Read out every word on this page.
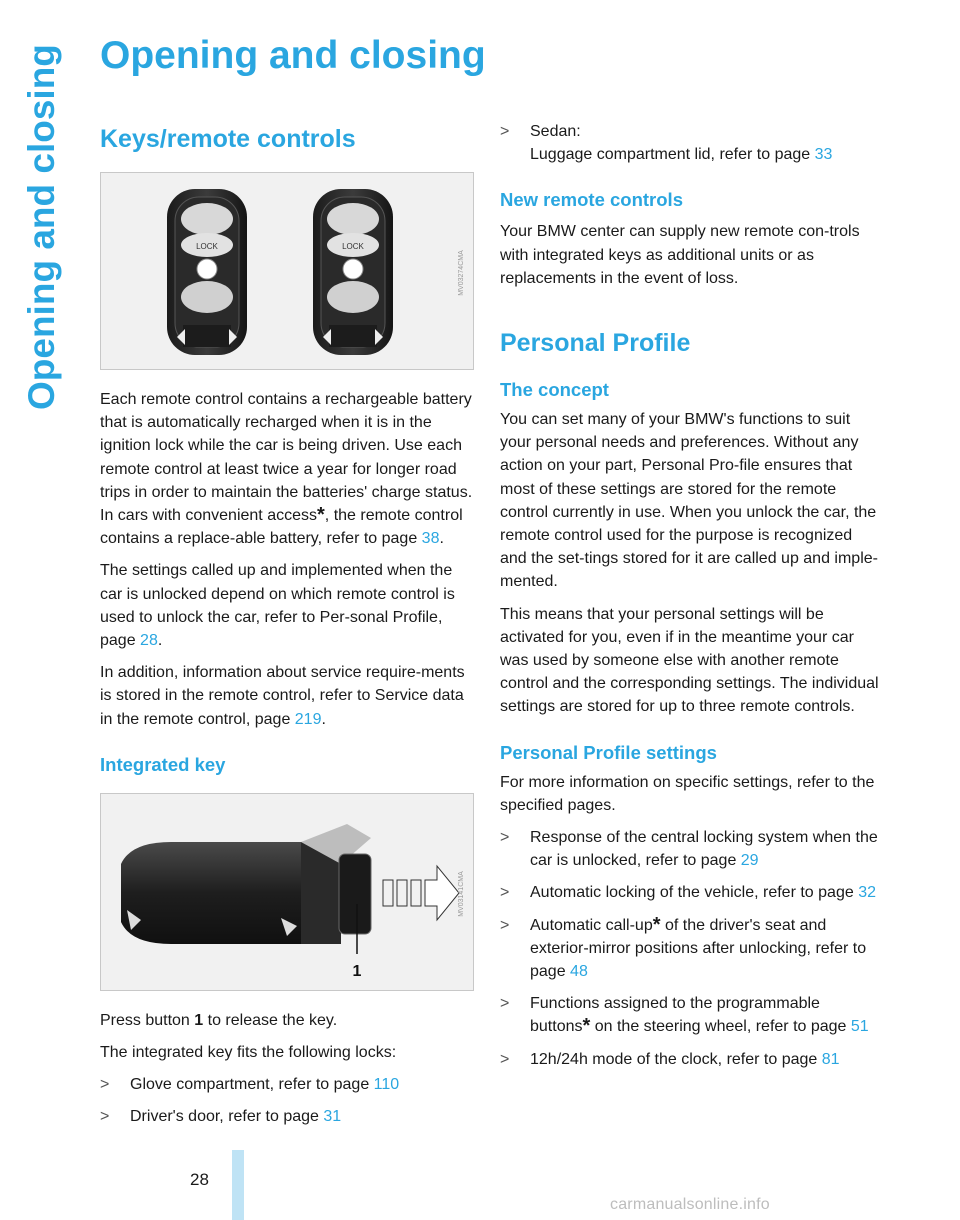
Opening and closing Opening and closing
Keys/remote controls
LOCK	LOCK
MV03274CMA

Each remote control contains a rechargeable battery that is automatically recharged when it is in the ignition lock while the car is being driven. Use each remote control at least twice a year for longer road trips in order to maintain the batteries' charge status. In cars with convenient access*, the remote control contains a replace-able battery, refer to page 38.

The settings called up and implemented when the car is unlocked depend on which remote control is used to unlock the car, refer to Per-sonal Profile, page 28.

In addition, information about service require-ments is stored in the remote control, refer to Service data in the remote control, page 219.

Integrated key
1
MV03141CMA

Press button 1 to release the key.

The integrated key fits the following locks:

> Glove compartment, refer to page 110
> Driver's door, refer to page 31
> Sedan:
Luggage compartment lid, refer to page 33
New remote controls

Your BMW center can supply new remote con-trols with integrated keys as additional units or as replacements in the event of loss.

Personal Profile
The concept

You can set many of your BMW's functions to suit your personal needs and preferences. Without any action on your part, Personal Pro-file ensures that most of these settings are stored for the remote control currently in use. When you unlock the car, the remote control used for the purpose is recognized and the set-tings stored for it are called up and imple-mented.

This means that your personal settings will be activated for you, even if in the meantime your car was used by someone else with another remote control and the corresponding settings. The individual settings are stored for up to three remote controls.

Personal Profile settings

For more information on specific settings, refer to the specified pages.

> Response of the central locking system when the car is unlocked, refer to page 29
> Automatic locking of the vehicle, refer to page 32
> Automatic call-up* of the driver's seat and exterior-mirror positions after unlocking, refer to page 48
> Functions assigned to the programmable buttons* on the steering wheel, refer to page 51
> 12h/24h mode of the clock, refer to page 81
28
carmanualsonline.info
